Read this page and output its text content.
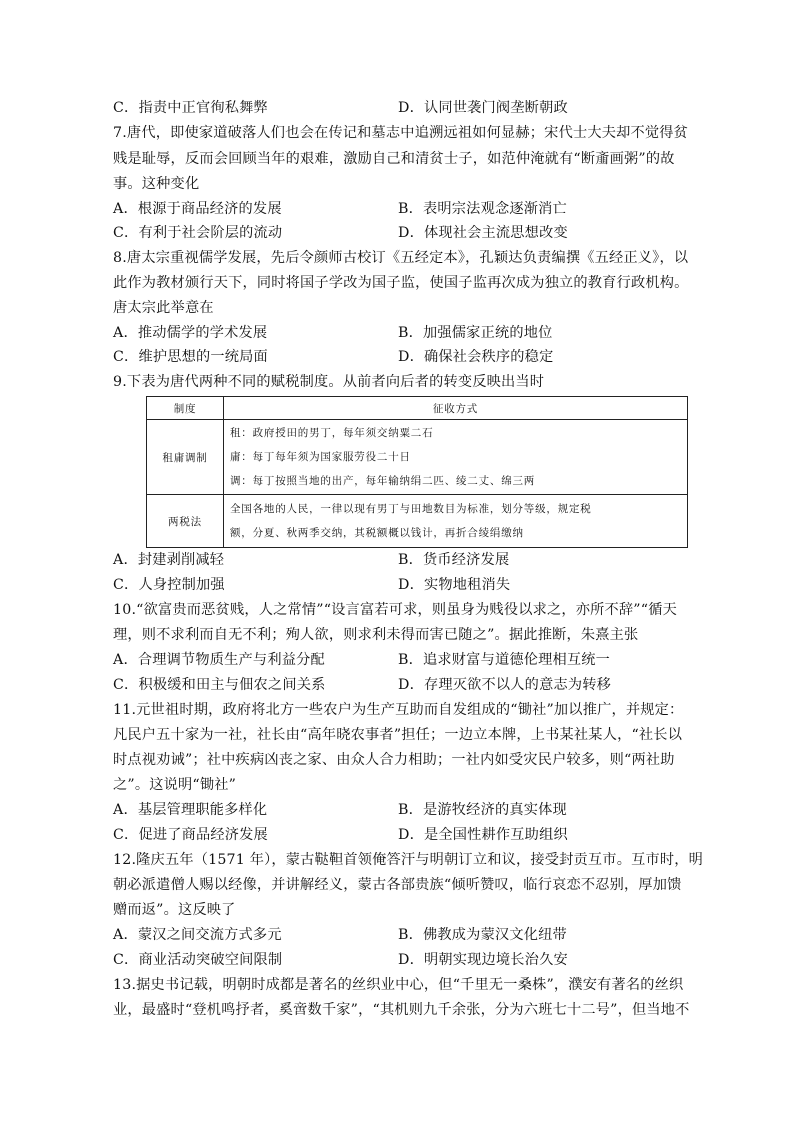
C．指责中正官徇私舞弊	D．认同世袭门阀垄断朝政
7.唐代，即使家道破落人们也会在传记和墓志中追溯远祖如何显赫；宋代士大夫却不觉得贫
贱是耻辱，反而会回顾当年的艰难，激励自己和清贫士子，如范仲淹就有“断齑画粥”的故
事。这种变化
A．根源于商品经济的发展	B．表明宗法观念逐渐消亡
C．有利于社会阶层的流动	D．体现社会主流思想改变
8.唐太宗重视儒学发展，先后令颜师古校订《五经定本》，孔颖达负责编撰《五经正义》，以
此作为教材颁行天下，同时将国子学改为国子监，使国子监再次成为独立的教育行政机构。
唐太宗此举意在
A．推动儒学的学术发展	B．加强儒家正统的地位
C．维护思想的一统局面	D．确保社会秩序的稳定
9.下表为唐代两种不同的赋税制度。从前者向后者的转变反映出当时
制度	征收方式
租庸调制	租：政府授田的男丁，每年须交纳粟二石
庸：每丁每年须为国家服劳役二十日
调：每丁按照当地的出产，每年输纳绢二匹、绫二丈、绵三两

两税法	全国各地的人民，一律以现有男丁与田地数目为标准，划分等级，规定税
额，分夏、秋两季交纳，其税额概以钱计，再折合绫绢缴纳
A．封建剥削减轻	B．货币经济发展
C．人身控制加强	D．实物地租消失
10.“欲富贵而恶贫贱，人之常情”“设言富若可求，则虽身为贱役以求之，亦所不辞”“循天
理，则不求利而自无不利；殉人欲，则求利未得而害已随之”。据此推断，朱熹主张
A．合理调节物质生产与利益分配	B．追求财富与道德伦理相互统一
C．积极缓和田主与佃农之间关系	D．存理灭欲不以人的意志为转移
11.元世祖时期，政府将北方一些农户为生产互助而自发组成的“锄社”加以推广，并规定：
凡民户五十家为一社，社长由“高年晓农事者”担任；一边立本牌，上书某社某人，“社长以
时点视劝诫”；社中疾病凶丧之家、由众人合力相助；一社内如受灾民户较多，则“两社助
之”。这说明“锄社”
A．基层管理职能多样化	B．是游牧经济的真实体现
C．促进了商品经济发展	D．是全国性耕作互助组织
12.隆庆五年（1571 年），蒙古鞑靼首领俺答汗与明朝订立和议，接受封贡互市。互市时，明
朝必派遣僧人赐以经像，并讲解经义，蒙古各部贵族“倾听赞叹，临行哀恋不忍别，厚加馈
赠而返”。这反映了
A．蒙汉之间交流方式多元	B．佛教成为蒙汉文化纽带
C．商业活动突破空间限制	D．明朝实现边境长治久安
13.据史书记载，明朝时成都是著名的丝织业中心，但“千里无一桑株”，濮安有著名的丝织
业，最盛时“登机鸣抒者，奚啻数千家”，“其机则九千余张，分为六班七十二号”，但当地不
